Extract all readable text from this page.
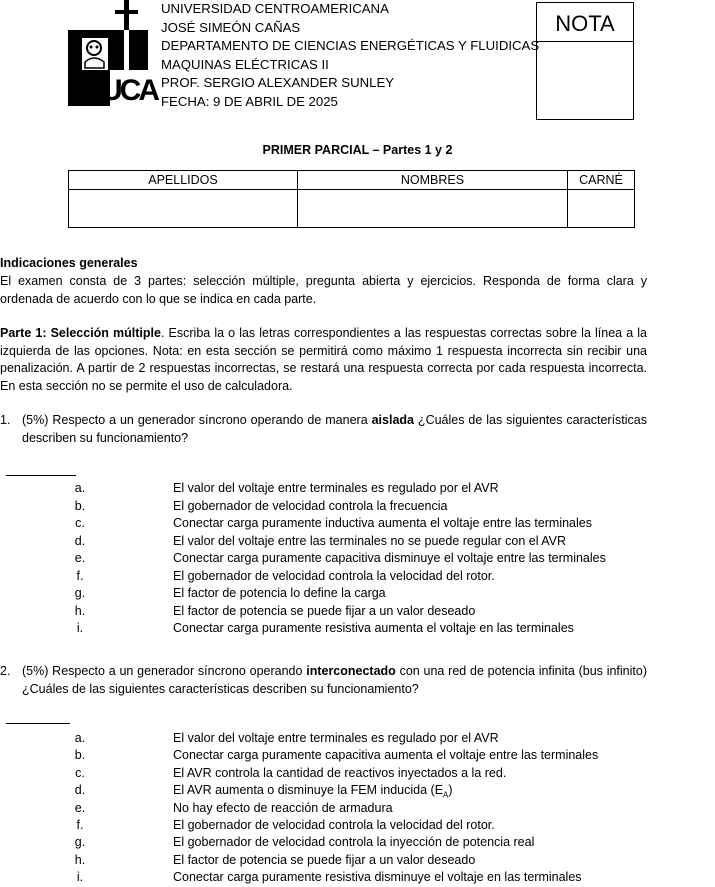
UCA
UNIVERSIDAD CENTROAMERICANA
JOSÉ SIMEÓN CAÑAS
DEPARTAMENTO DE CIENCIAS ENERGÉTICAS Y FLUIDICAS
MAQUINAS ELÉCTRICAS II
PROF. SERGIO ALEXANDER SUNLEY
FECHA: 9 DE ABRIL DE 2025
NOTA
PRIMER PARCIAL – Partes 1 y 2
APELLIDOS	NOMBRES	CARNÉ

Indicaciones generales

El examen consta de 3 partes: selección múltiple, pregunta abierta y ejercicios. Responda de forma clara y ordenada de acuerdo con lo que se indica en cada parte.

Parte 1: Selección múltiple. Escriba la o las letras correspondientes a las respuestas correctas sobre la línea a la izquierda de las opciones. Nota: en esta sección se permitirá como máximo 1 respuesta incorrecta sin recibir una penalización. A partir de 2 respuestas incorrectas, se restará una respuesta correcta por cada respuesta incorrecta. En esta sección no se permite el uso de calculadora.

1. (5%) Respecto a un generador síncrono operando de manera aislada ¿Cuáles de las siguientes características describen su funcionamiento?
a.	El valor del voltaje entre terminales es regulado por el AVR
b.	El gobernador de velocidad controla la frecuencia
c.	Conectar carga puramente inductiva aumenta el voltaje entre las terminales
d.	El valor del voltaje entre las terminales no se puede regular con el AVR
e.	Conectar carga puramente capacitiva disminuye el voltaje entre las terminales
f.	El gobernador de velocidad controla la velocidad del rotor.
g.	El factor de potencia lo define la carga
h.	El factor de potencia se puede fijar a un valor deseado
i.	Conectar carga puramente resistiva aumenta el voltaje en las terminales
2. (5%) Respecto a un generador síncrono operando interconectado con una red de potencia infinita (bus infinito) ¿Cuáles de las siguientes características describen su funcionamiento?
a.	El valor del voltaje entre terminales es regulado por el AVR
b.	Conectar carga puramente capacitiva aumenta el voltaje entre las terminales
c.	El AVR controla la cantidad de reactivos inyectados a la red.
d.	El AVR aumenta o disminuye la FEM inducida $(E_A)$
e.	No hay efecto de reacción de armadura
f.	El gobernador de velocidad controla la velocidad del rotor.
g.	El gobernador de velocidad controla la inyección de potencia real
h.	El factor de potencia se puede fijar a un valor deseado
i.	Conectar carga puramente resistiva disminuye el voltaje en las terminales
